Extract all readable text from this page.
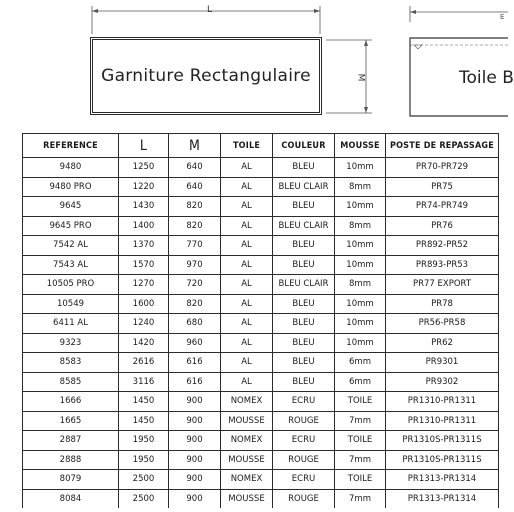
E
L
M
Garniture Rectangulaire	Toile B
REFERENCE	L	M	TOILE	COULEUR	MOUSSE	POSTE DE REPASSAGE
9480	1250	640	AL	BLEU	10mm	PR70-PR729
9480 PRO	1220	640	AL	BLEU CLAIR	8mm	PR75
9645	1430	820	AL	BLEU	10mm	PR74-PR749
9645 PRO	1400	820	AL	BLEU CLAIR	8mm	PR76
7542 AL	1370	770	AL	BLEU	10mm	PR892-PR52
7543 AL	1570	970	AL	BLEU	10mm	PR893-PR53
10505 PRO	1270	720	AL	BLEU CLAIR	8mm	PR77 EXPORT
10549	1600	820	AL	BLEU	10mm	PR78
6411 AL	1240	680	AL	BLEU	10mm	PR56-PR58
9323	1420	960	AL	BLEU	10mm	PR62
8583	2616	616	AL	BLEU	6mm	PR9301
8585	3116	616	AL	BLEU	6mm	PR9302
1666	1450	900	NOMEX	ECRU	TOILE	PR1310-PR1311
1665	1450	900	MOUSSE	ROUGE	7mm	PR1310-PR1311
2887	1950	900	NOMEX	ECRU	TOILE	PR1310S-PR1311S
2888	1950	900	MOUSSE	ROUGE	7mm	PR1310S-PR1311S
8079	2500	900	NOMEX	ECRU	TOILE	PR1313-PR1314
8084	2500	900	MOUSSE	ROUGE	7mm	PR1313-PR1314
